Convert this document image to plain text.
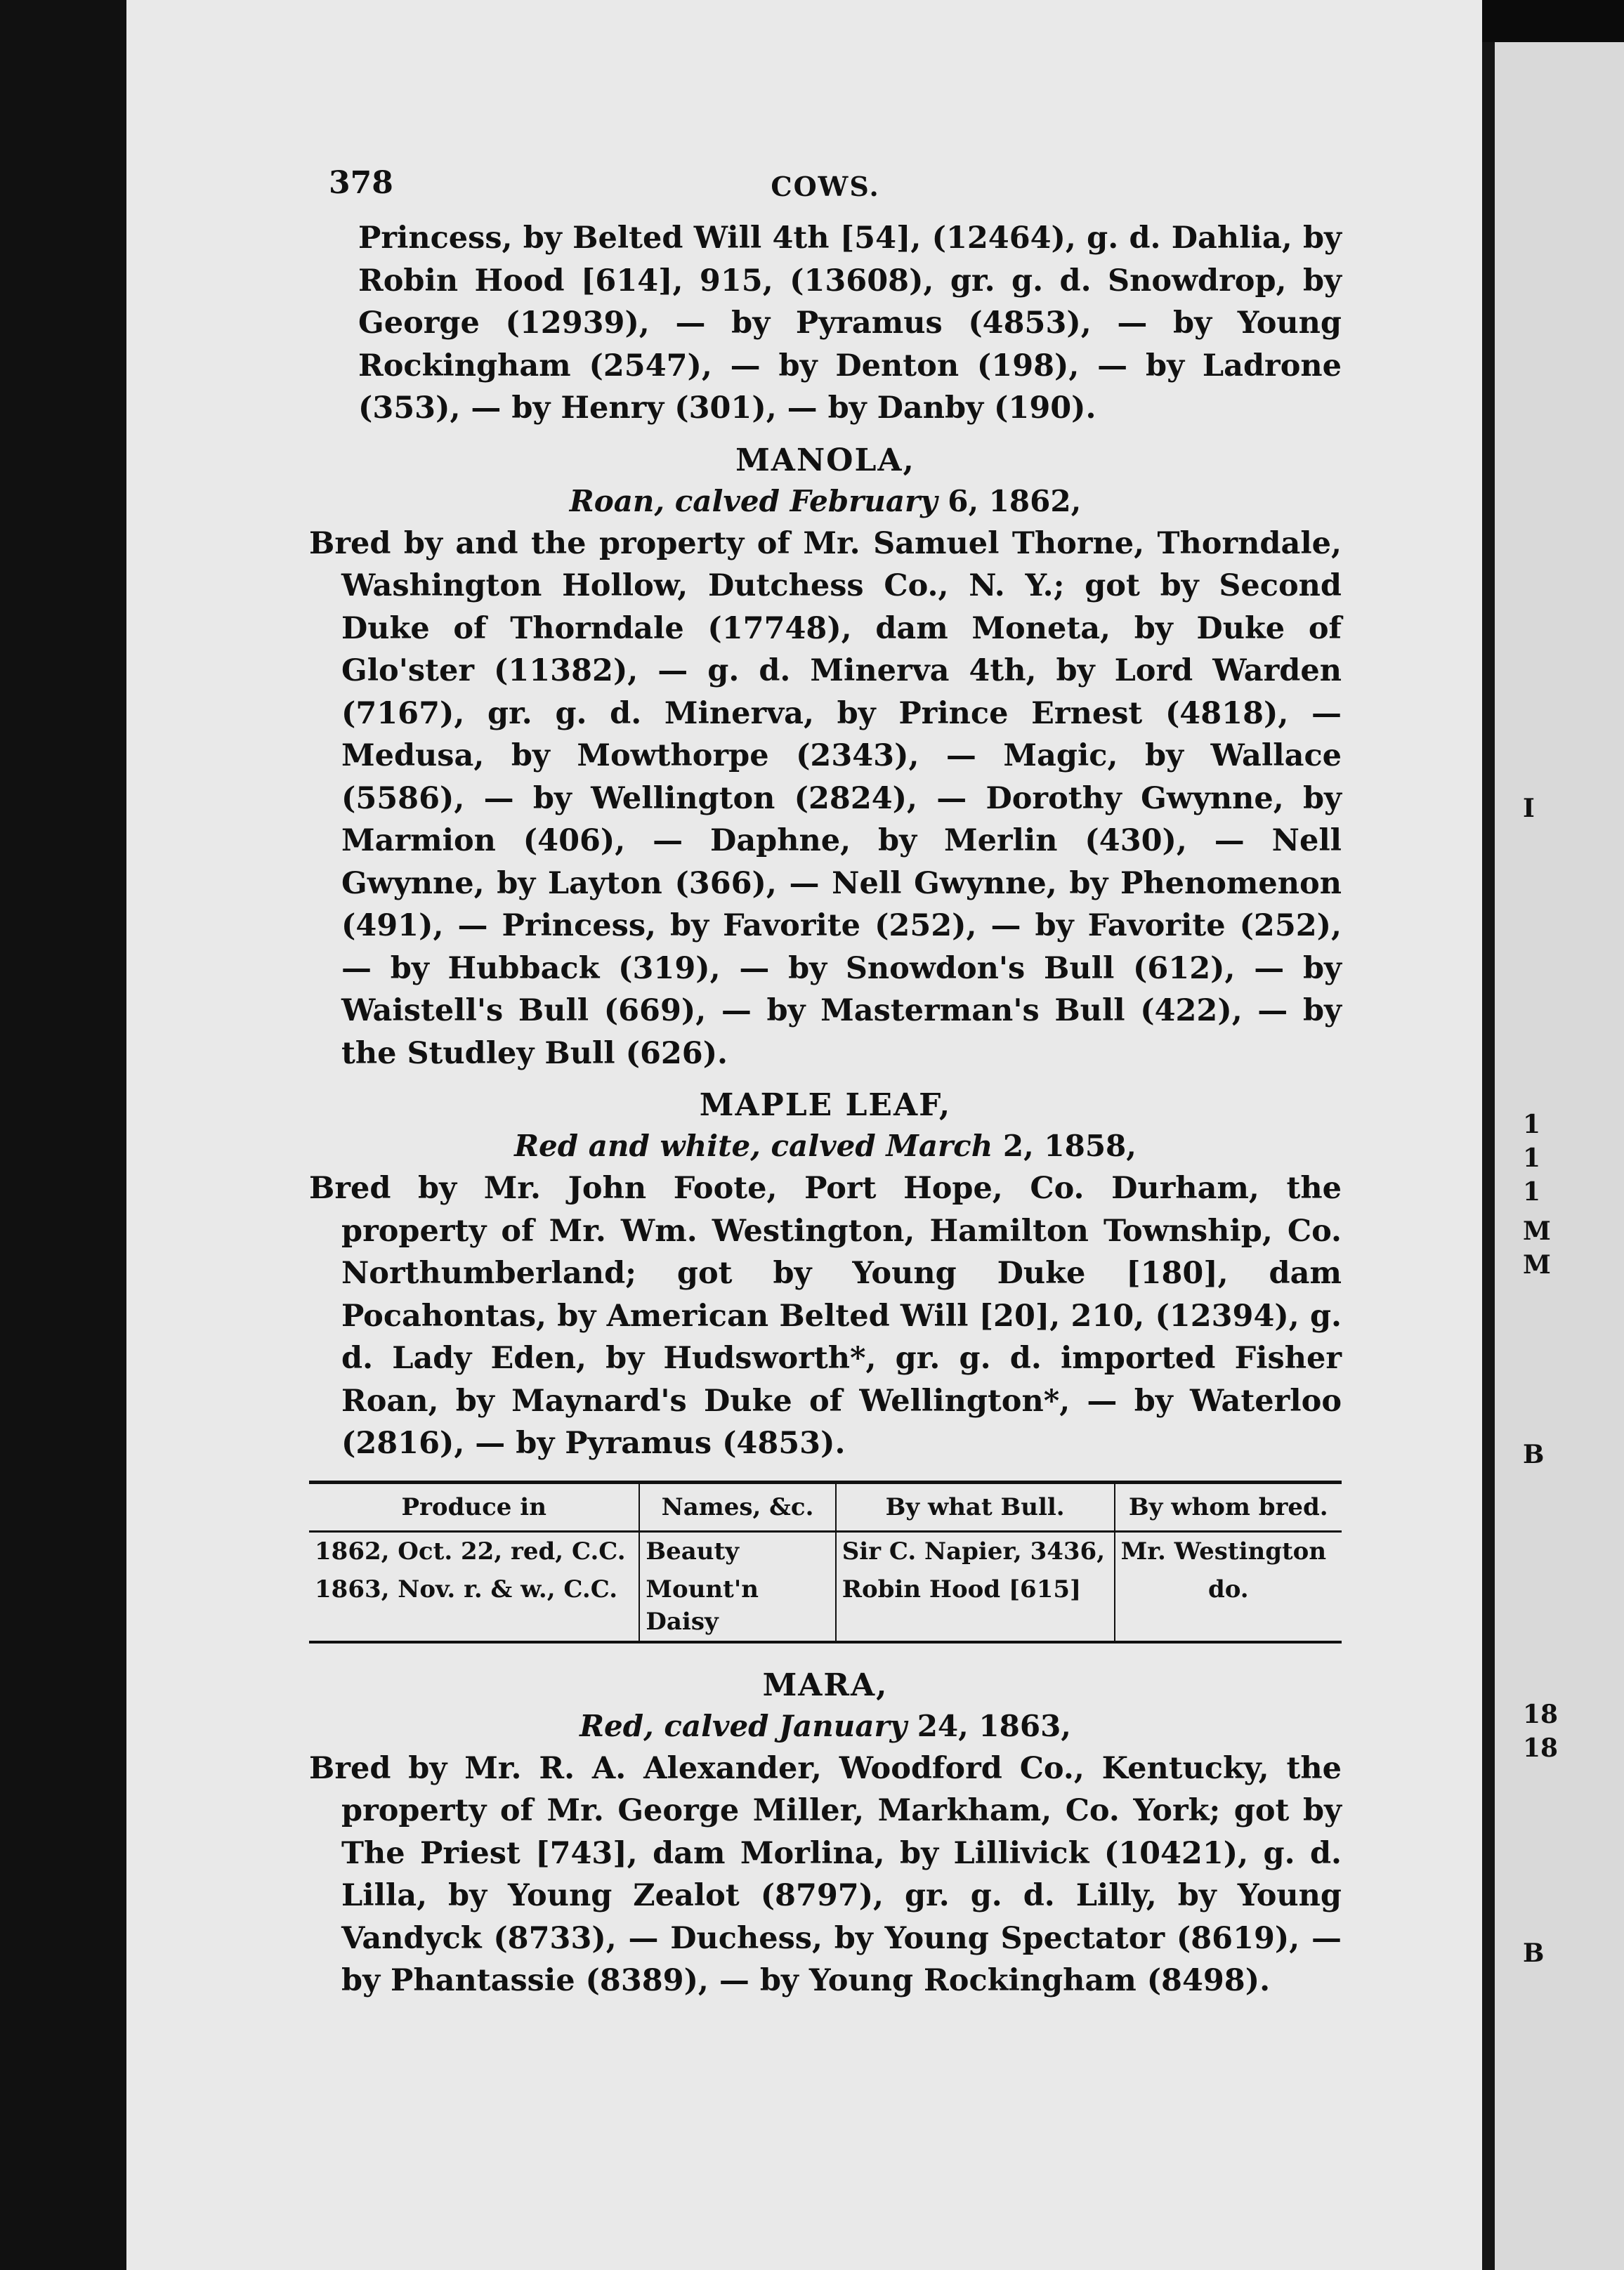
I
1
1
1
M
M
B
18
18
B
378	COWS.

Princess, by Belted Will 4th [54], (12464), g. d. Dahlia, by Robin Hood [614], 915, (13608), gr. g. d. Snowdrop, by George (12939), — by Pyramus (4853), — by Young Rockingham (2547), — by Denton (198), — by Ladrone (353), — by Henry (301), — by Danby (190).

MANOLA,
Roan, calved February 6, 1862,

Bred by and the property of Mr. Samuel Thorne, Thorndale, Washington Hollow, Dutchess Co., N. Y.; got by Second Duke of Thorndale (17748), dam Moneta, by Duke of Glo'ster (11382), — g. d. Minerva 4th, by Lord Warden (7167), gr. g. d. Minerva, by Prince Ernest (4818), — Medusa, by Mowthorpe (2343), — Magic, by Wallace (5586), — by Wellington (2824), — Dorothy Gwynne, by Marmion (406), — Daphne, by Merlin (430), — Nell Gwynne, by Layton (366), — Nell Gwynne, by Phenomenon (491), — Princess, by Favorite (252), — by Favorite (252), — by Hubback (319), — by Snowdon's Bull (612), — by Waistell's Bull (669), — by Masterman's Bull (422), — by the Studley Bull (626).

MAPLE LEAF,
Red and white, calved March 2, 1858,

Bred by Mr. John Foote, Port Hope, Co. Durham, the property of Mr. Wm. Westington, Hamilton Township, Co. Northumberland; got by Young Duke [180], dam Pocahontas, by American Belted Will [20], 210, (12394), g. d. Lady Eden, by Hudsworth*, gr. g. d. imported Fisher Roan, by Maynard's Duke of Wellington*, — by Waterloo (2816), — by Pyramus (4853).

Produce in	Names, &c.	By what Bull.	By whom bred.
1862, Oct. 22, red, C.C.	Beauty	Sir C. Napier, 3436,	Mr. Westington
1863, Nov. r. & w., C.C.	Mount'n Daisy	Robin Hood [615]	do.
MARA,
Red, calved January 24, 1863,

Bred by Mr. R. A. Alexander, Woodford Co., Kentucky, the property of Mr. George Miller, Markham, Co. York; got by The Priest [743], dam Morlina, by Lillivick (10421), g. d. Lilla, by Young Zealot (8797), gr. g. d. Lilly, by Young Vandyck (8733), — Duchess, by Young Spectator (8619), — by Phantassie (8389), — by Young Rockingham (8498).
